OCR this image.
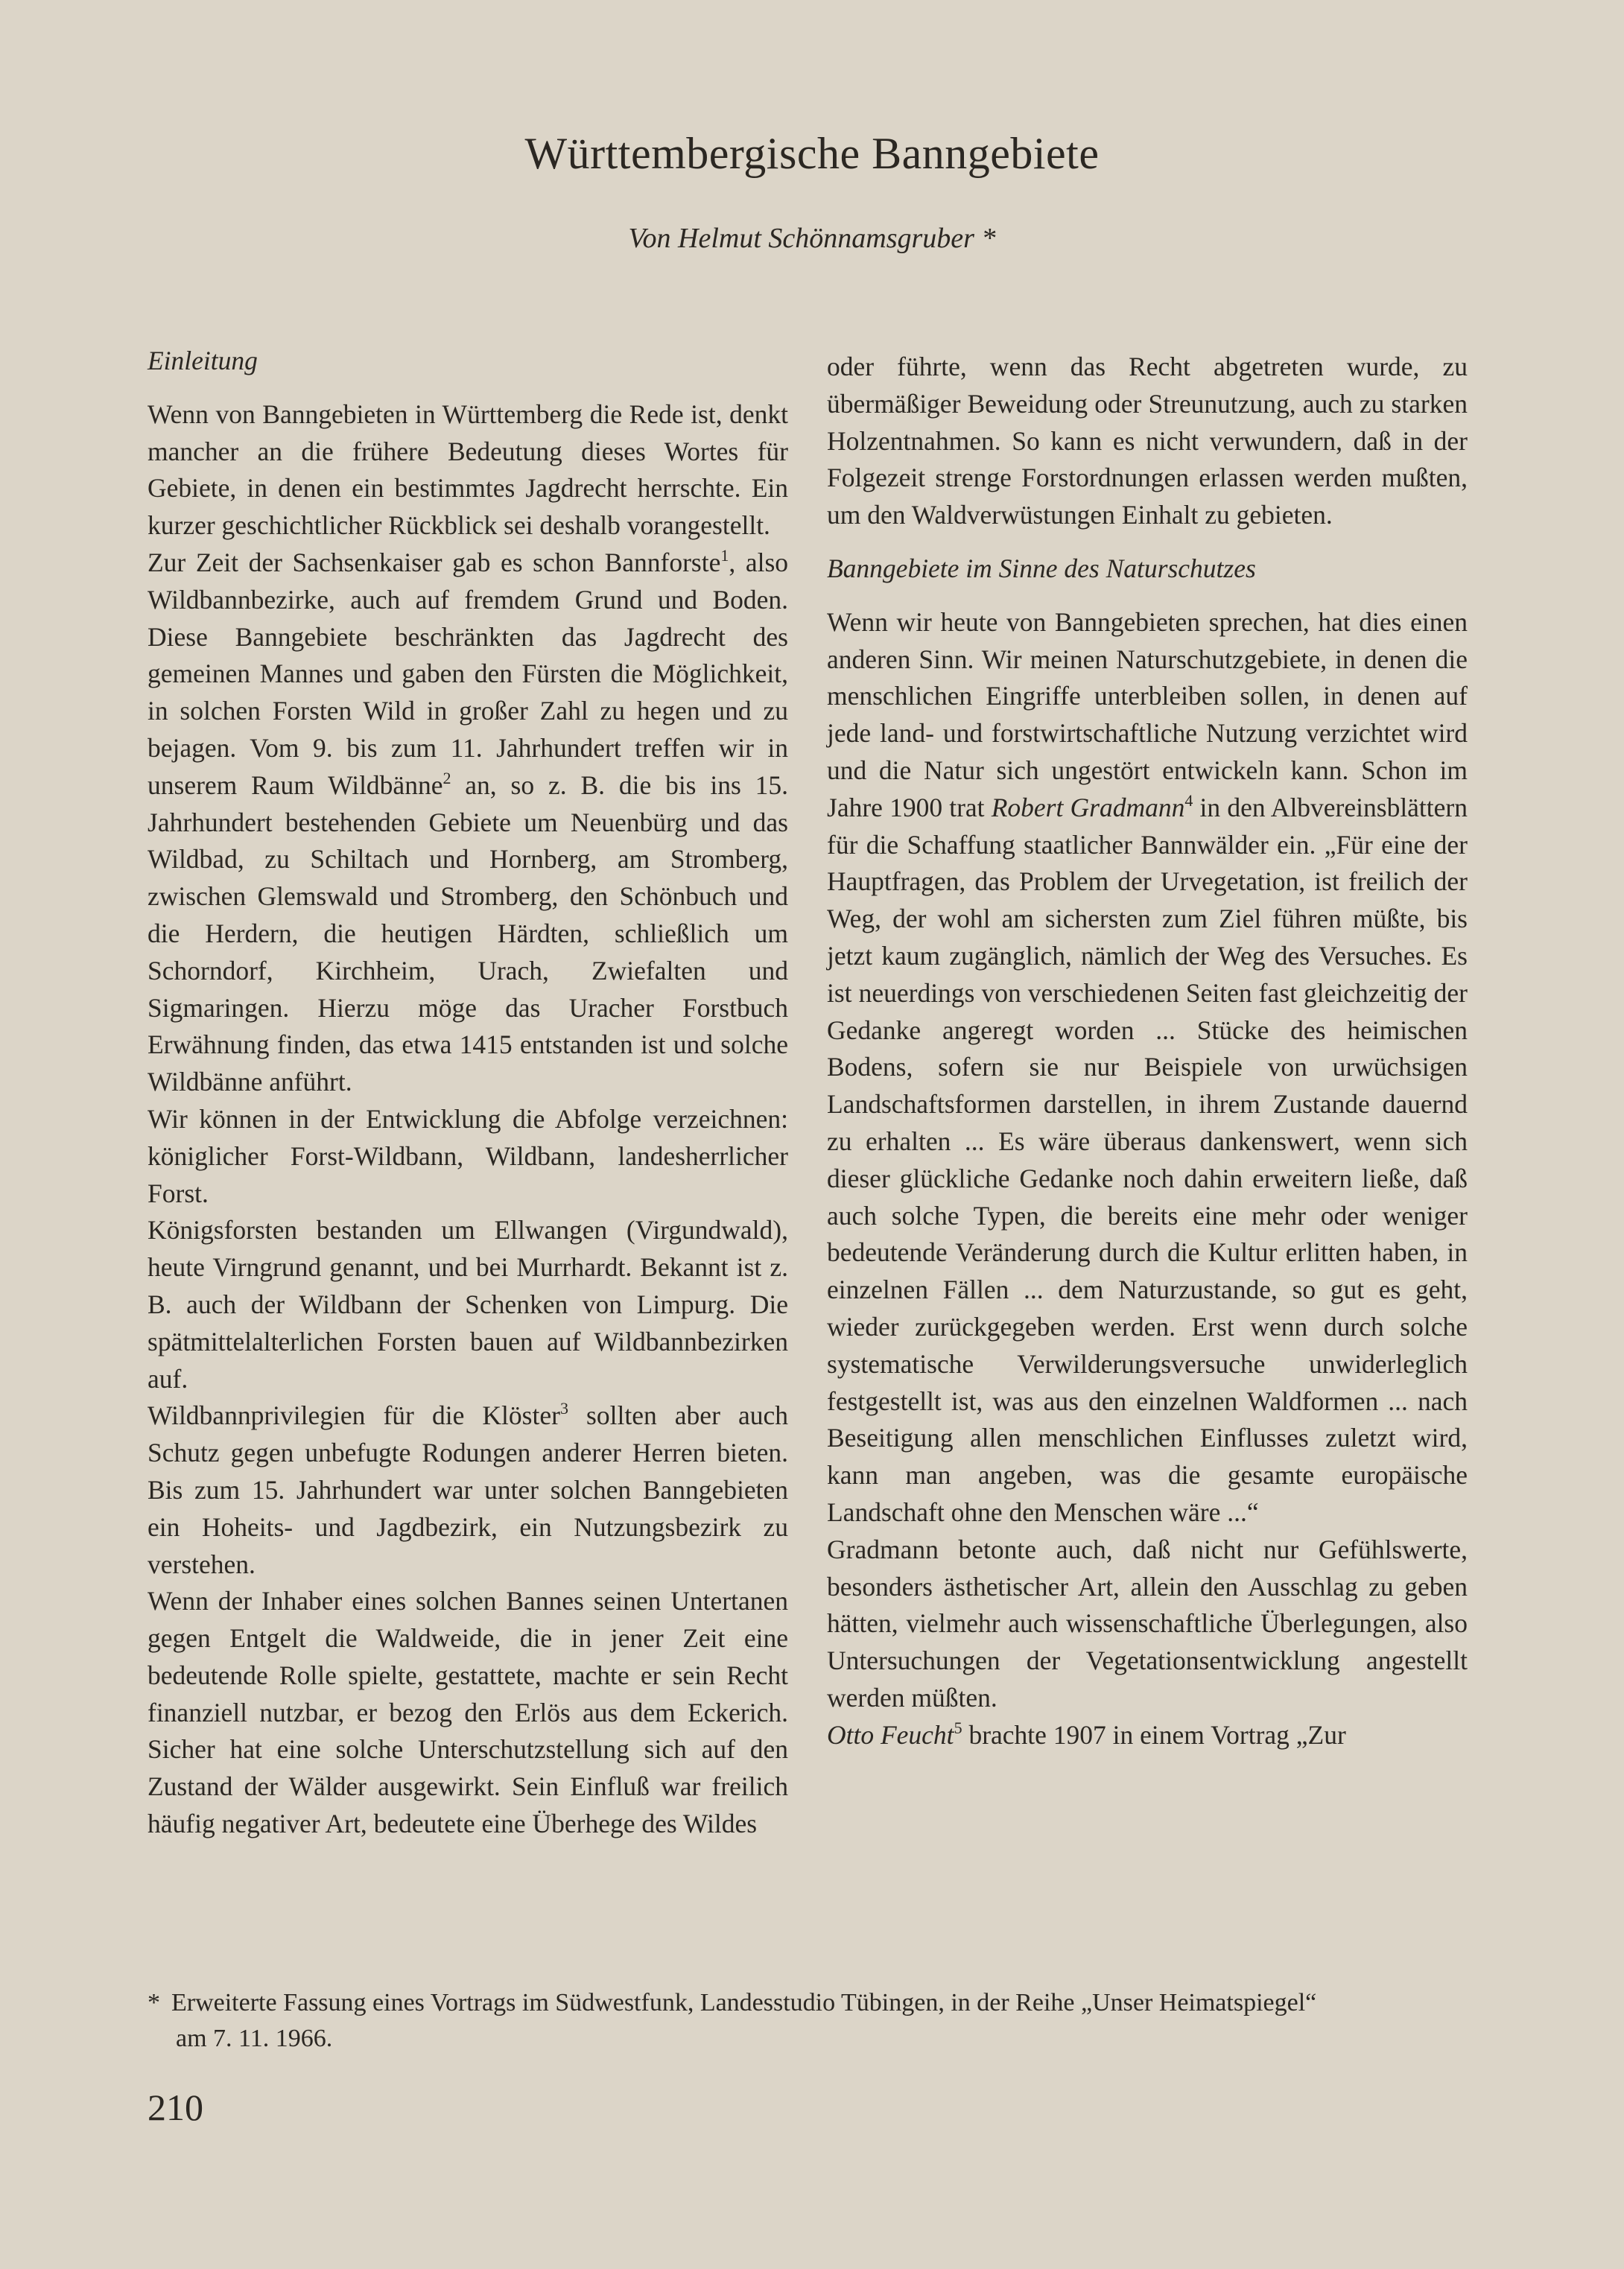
Württembergische Banngebiete

Von Helmut Schönnamsgruber *

Einleitung

Wenn von Banngebieten in Württemberg die Rede ist, denkt mancher an die frühere Bedeutung dieses Wortes für Gebiete, in denen ein bestimmtes Jagdrecht herrschte. Ein kurzer geschichtlicher Rückblick sei deshalb vorangestellt.

Zur Zeit der Sachsenkaiser gab es schon Bannforste$^1$, also Wildbannbezirke, auch auf fremdem Grund und Boden. Diese Banngebiete beschränkten das Jagdrecht des gemeinen Mannes und gaben den Fürsten die Möglichkeit, in solchen Forsten Wild in großer Zahl zu hegen und zu bejagen. Vom 9. bis zum 11. Jahrhundert treffen wir in unserem Raum Wildbänne$^2$ an, so z. B. die bis ins 15. Jahrhundert bestehenden Gebiete um Neuenbürg und das Wildbad, zu Schiltach und Hornberg, am Stromberg, zwischen Glemswald und Stromberg, den Schönbuch und die Herdern, die heutigen Härdten, schließlich um Schorndorf, Kirchheim, Urach, Zwiefalten und Sigmaringen. Hierzu möge das Uracher Forstbuch Erwähnung finden, das etwa 1415 entstanden ist und solche Wildbänne anführt.

Wir können in der Entwicklung die Abfolge verzeichnen: königlicher Forst-Wildbann, Wildbann, landesherrlicher Forst.

Königsforsten bestanden um Ellwangen (Virgundwald), heute Virngrund genannt, und bei Murrhardt. Bekannt ist z. B. auch der Wildbann der Schenken von Limpurg. Die spätmittelalterlichen Forsten bauen auf Wildbannbezirken auf.

Wildbannprivilegien für die Klöster$^3$ sollten aber auch Schutz gegen unbefugte Rodungen anderer Herren bieten. Bis zum 15. Jahrhundert war unter solchen Banngebieten ein Hoheits- und Jagdbezirk, ein Nutzungsbezirk zu verstehen.

Wenn der Inhaber eines solchen Bannes seinen Untertanen gegen Entgelt die Waldweide, die in jener Zeit eine bedeutende Rolle spielte, gestattete, machte er sein Recht finanziell nutzbar, er bezog den Erlös aus dem Eckerich. Sicher hat eine solche Unterschutzstellung sich auf den Zustand der Wälder ausgewirkt. Sein Einfluß war freilich häufig negativer Art, bedeutete eine Überhege des Wildes

oder führte, wenn das Recht abgetreten wurde, zu übermäßiger Beweidung oder Streunutzung, auch zu starken Holzentnahmen. So kann es nicht verwundern, daß in der Folgezeit strenge Forstordnungen erlassen werden mußten, um den Waldverwüstungen Einhalt zu gebieten.

Banngebiete im Sinne des Naturschutzes

Wenn wir heute von Banngebieten sprechen, hat dies einen anderen Sinn. Wir meinen Naturschutzgebiete, in denen die menschlichen Eingriffe unterbleiben sollen, in denen auf jede land- und forstwirtschaftliche Nutzung verzichtet wird und die Natur sich ungestört entwickeln kann. Schon im Jahre 1900 trat Robert Gradmann$^4$ in den Albvereinsblättern für die Schaffung staatlicher Bannwälder ein. „Für eine der Hauptfragen, das Problem der Urvegetation, ist freilich der Weg, der wohl am sichersten zum Ziel führen müßte, bis jetzt kaum zugänglich, nämlich der Weg des Versuches. Es ist neuerdings von verschiedenen Seiten fast gleichzeitig der Gedanke angeregt worden ... Stücke des heimischen Bodens, sofern sie nur Beispiele von urwüchsigen Landschaftsformen darstellen, in ihrem Zustande dauernd zu erhalten ... Es wäre überaus dankenswert, wenn sich dieser glückliche Gedanke noch dahin erweitern ließe, daß auch solche Typen, die bereits eine mehr oder weniger bedeutende Veränderung durch die Kultur erlitten haben, in einzelnen Fällen ... dem Naturzustande, so gut es geht, wieder zurückgegeben werden. Erst wenn durch solche systematische Verwilderungsversuche unwiderleglich festgestellt ist, was aus den einzelnen Waldformen ... nach Beseitigung allen menschlichen Einflusses zuletzt wird, kann man angeben, was die gesamte europäische Landschaft ohne den Menschen wäre ...“

Gradmann betonte auch, daß nicht nur Gefühlswerte, besonders ästhetischer Art, allein den Ausschlag zu geben hätten, vielmehr auch wissenschaftliche Überlegungen, also Untersuchungen der Vegetationsentwicklung angestellt werden müßten.

Otto Feucht$^5$ brachte 1907 in einem Vortrag „Zur

* Erweiterte Fassung eines Vortrags im Südwestfunk, Landesstudio Tübingen, in der Reihe „Unser Heimatspiegel“
am 7. 11. 1966.
210
